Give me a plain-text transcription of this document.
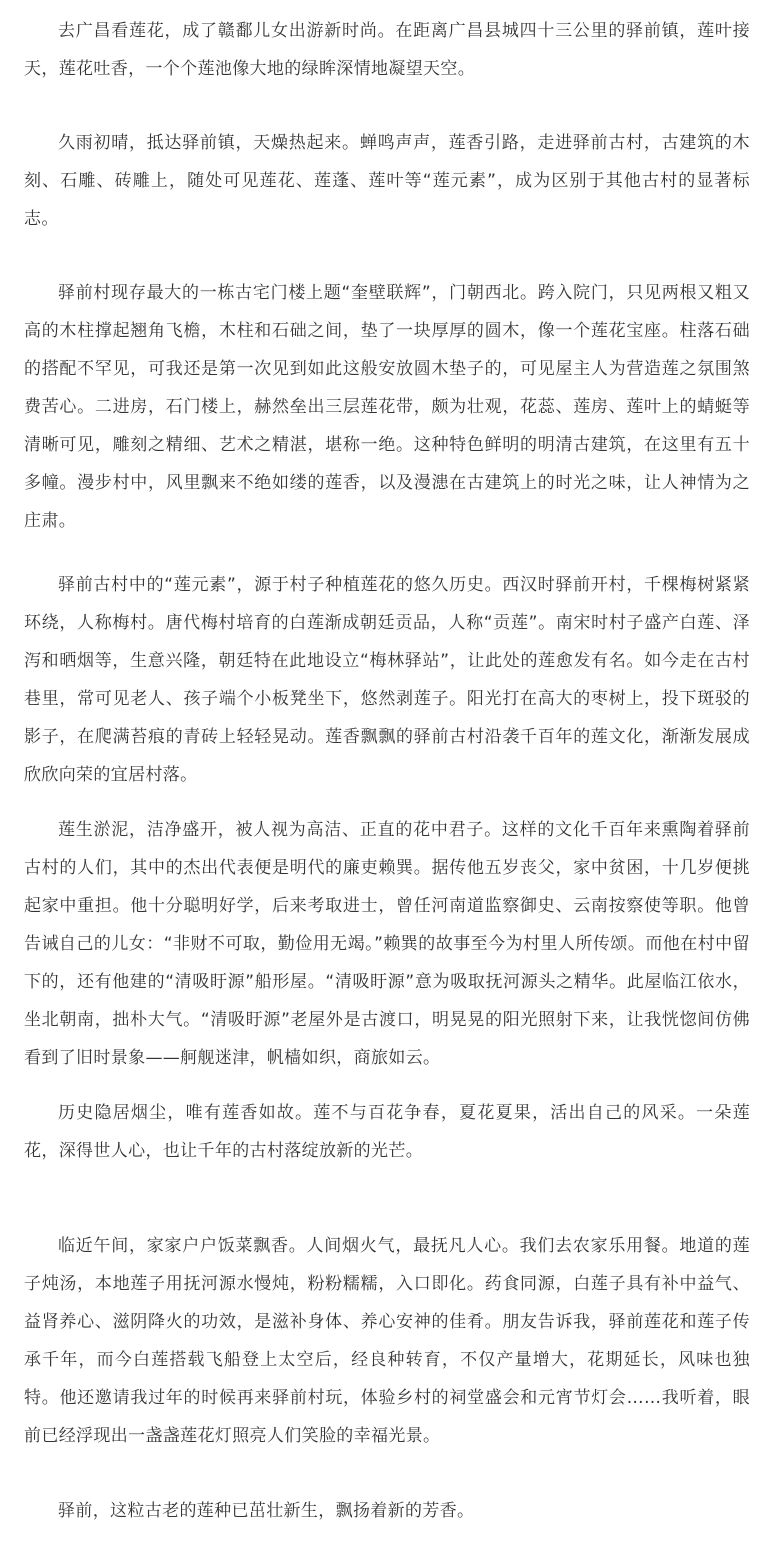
去广昌看莲花，成了赣鄱儿女出游新时尚。在距离广昌县城四十三公里的驿前镇，莲叶接天，莲花吐香，一个个莲池像大地的绿眸深情地凝望天空。

久雨初晴，抵达驿前镇，天燥热起来。蝉鸣声声，莲香引路，走进驿前古村，古建筑的木刻、石雕、砖雕上，随处可见莲花、莲蓬、莲叶等“莲元素”，成为区别于其他古村的显著标志。

驿前村现存最大的一栋古宅门楼上题“奎壁联辉”，门朝西北。跨入院门，只见两根又粗又高的木柱撑起翘角飞檐，木柱和石础之间，垫了一块厚厚的圆木，像一个莲花宝座。柱落石础的搭配不罕见，可我还是第一次见到如此这般安放圆木垫子的，可见屋主人为营造莲之氛围煞费苦心。二进房，石门楼上，赫然垒出三层莲花带，颇为壮观，花蕊、莲房、莲叶上的蜻蜓等清晰可见，雕刻之精细、艺术之精湛，堪称一绝。这种特色鲜明的明清古建筑，在这里有五十多幢。漫步村中，风里飘来不绝如缕的莲香，以及漫漶在古建筑上的时光之味，让人神情为之庄肃。

驿前古村中的“莲元素”，源于村子种植莲花的悠久历史。西汉时驿前开村，千棵梅树紧紧环绕，人称梅村。唐代梅村培育的白莲渐成朝廷贡品，人称“贡莲”。南宋时村子盛产白莲、泽泻和晒烟等，生意兴隆，朝廷特在此地设立“梅林驿站”，让此处的莲愈发有名。如今走在古村巷里，常可见老人、孩子端个小板凳坐下，悠然剥莲子。阳光打在高大的枣树上，投下斑驳的影子，在爬满苔痕的青砖上轻轻晃动。莲香飘飘的驿前古村沿袭千百年的莲文化，渐渐发展成欣欣向荣的宜居村落。

莲生淤泥，洁净盛开，被人视为高洁、正直的花中君子。这样的文化千百年来熏陶着驿前古村的人们，其中的杰出代表便是明代的廉吏赖巽。据传他五岁丧父，家中贫困，十几岁便挑起家中重担。他十分聪明好学，后来考取进士，曾任河南道监察御史、云南按察使等职。他曾告诫自己的儿女：“非财不可取，勤俭用无竭。”赖巽的故事至今为村里人所传颂。而他在村中留下的，还有他建的“清吸盱源”船形屋。“清吸盱源”意为吸取抚河源头之精华。此屋临江依水，坐北朝南，拙朴大气。“清吸盱源”老屋外是古渡口，明晃晃的阳光照射下来，让我恍惚间仿佛看到了旧时景象——舸舰迷津，帆樯如织，商旅如云。

历史隐居烟尘，唯有莲香如故。莲不与百花争春，夏花夏果，活出自己的风采。一朵莲花，深得世人心，也让千年的古村落绽放新的光芒。

临近午间，家家户户饭菜飘香。人间烟火气，最抚凡人心。我们去农家乐用餐。地道的莲子炖汤，本地莲子用抚河源水慢炖，粉粉糯糯，入口即化。药食同源，白莲子具有补中益气、益肾养心、滋阴降火的功效，是滋补身体、养心安神的佳肴。朋友告诉我，驿前莲花和莲子传承千年，而今白莲搭载飞船登上太空后，经良种转育，不仅产量增大，花期延长，风味也独特。他还邀请我过年的时候再来驿前村玩，体验乡村的祠堂盛会和元宵节灯会……我听着，眼前已经浮现出一盏盏莲花灯照亮人们笑脸的幸福光景。

驿前，这粒古老的莲种已茁壮新生，飘扬着新的芳香。
